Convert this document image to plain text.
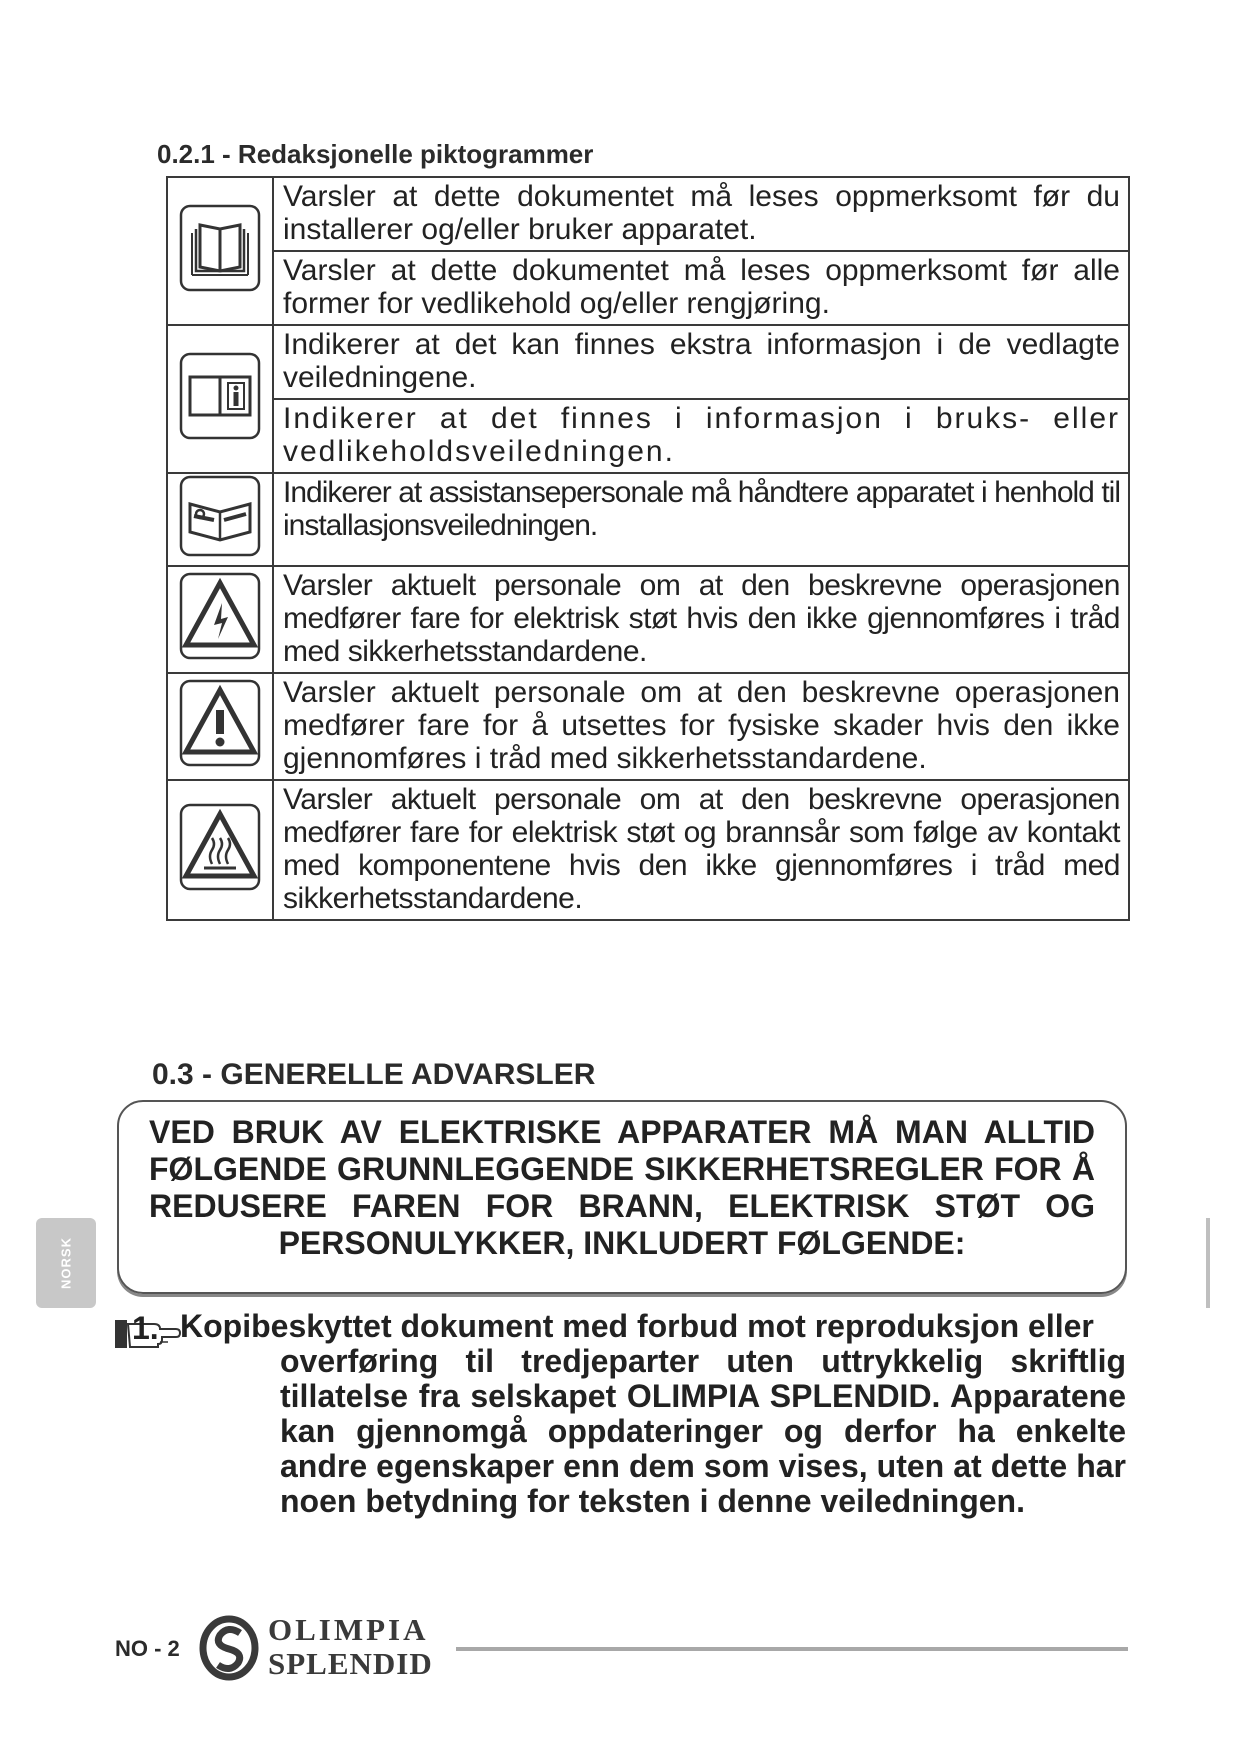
0.2.1 - Redaksjonelle piktogrammer
	Varsler at dette dokumentet må leses oppmerksomt før du installerer og/eller bruker apparatet.
	Varsler at dette dokumentet må leses oppmerksomt før alle former for vedlikehold og/eller rengjøring.
	Indikerer at det kan finnes ekstra informasjon i de vedlagte veiledningene.
	Indikerer at det finnes i informasjon i bruks- eller vedlikeholdsveiledningen.
	Indikerer at assistansepersonale må håndtere apparatet i henhold til installasjonsveiledningen.
	Varsler aktuelt personale om at den beskrevne operasjonen medfører fare for elektrisk støt hvis den ikke gjennomføres i tråd med sikkerhetsstandardene.
	Varsler aktuelt personale om at den beskrevne operasjonen medfører fare for å utsettes for fysiske skader hvis den ikke gjennomføres i tråd med sikkerhetsstandardene.
	Varsler aktuelt personale om at den beskrevne operasjonen medfører fare for elektrisk støt og brannsår som følge av kontakt med komponentene hvis den ikke gjennomføres i tråd med sikkerhetsstandardene.
0.3 - GENERELLE ADVARSLER
VED BRUK AV ELEKTRISKE APPARATER MÅ MAN ALLTID FØLGENDE GRUNNLEGGENDE SIKKERHETSREGLER FOR Å REDUSERE FAREN FOR BRANN, ELEKTRISK STØT OG PERSONULYKKER, INKLUDERT FØLGENDE:
NORSK
1. Kopibeskyttet dokument med forbud mot reproduksjon eller
overføring til tredjeparter uten uttrykkelig skriftlig tillatelse fra selskapet OLIMPIA SPLENDID. Apparatene kan gjennomgå oppdateringer og derfor ha enkelte andre egenskaper enn dem som vises, uten at dette har noen betydning for teksten i denne veiledningen.
NO - 2
OLIMPIA
SPLENDID
